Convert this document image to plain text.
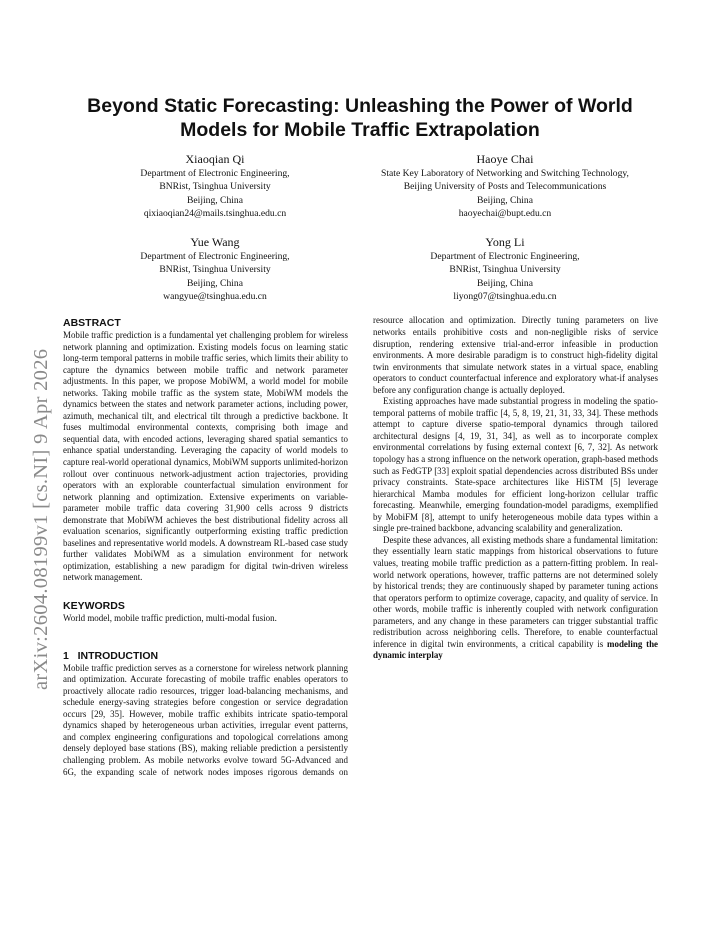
arXiv:2604.08199v1 [cs.NI] 9 Apr 2026
Beyond Static Forecasting: Unleashing the Power of World Models for Mobile Traffic Extrapolation
Xiaoqian Qi
Department of Electronic Engineering,
BNRist, Tsinghua University
Beijing, China
qixiaoqian24@mails.tsinghua.edu.cn
Haoye Chai
State Key Laboratory of Networking and Switching Technology,
Beijing University of Posts and Telecommunications
Beijing, China
haoyechai@bupt.edu.cn
Yue Wang
Department of Electronic Engineering,
BNRist, Tsinghua University
Beijing, China
wangyue@tsinghua.edu.cn
Yong Li
Department of Electronic Engineering,
BNRist, Tsinghua University
Beijing, China
liyong07@tsinghua.edu.cn
ABSTRACT

Mobile traffic prediction is a fundamental yet challenging problem for wireless network planning and optimization. Existing models focus on learning static long-term temporal patterns in mobile traffic series, which limits their ability to capture the dynamics between mobile traffic and network parameter adjustments. In this paper, we propose MobiWM, a world model for mobile networks. Taking mobile traffic as the system state, MobiWM models the dynamics between the states and network parameter actions, including power, azimuth, mechanical tilt, and electrical tilt through a predictive backbone. It fuses multimodal environmental contexts, comprising both image and sequential data, with encoded actions, leveraging shared spatial semantics to enhance spatial understanding. Leveraging the capacity of world models to capture real-world operational dynamics, MobiWM supports unlimited-horizon rollout over continuous network-adjustment action trajectories, providing operators with an explorable counterfactual simulation environment for network planning and optimization. Extensive experiments on variable-parameter mobile traffic data covering 31,900 cells across 9 districts demonstrate that MobiWM achieves the best distributional fidelity across all evaluation scenarios, significantly outperforming existing traffic prediction baselines and representative world models. A downstream RL-based case study further validates MobiWM as a simulation environment for network optimization, establishing a new paradigm for digital twin-driven wireless network management.

KEYWORDS

World model, mobile traffic prediction, multi-modal fusion.

1   INTRODUCTION

Mobile traffic prediction serves as a cornerstone for wireless network planning and optimization. Accurate forecasting of mobile traffic enables operators to proactively allocate radio resources, trigger load-balancing mechanisms, and schedule energy-saving strategies before congestion or service degradation occurs [29, 35]. However, mobile traffic exhibits intricate spatio-temporal dynamics shaped by heterogeneous urban activities, irregular event patterns, and complex engineering configurations and topological correlations among densely deployed base stations (BS), making reliable prediction a persistently challenging problem. As mobile networks evolve toward 5G-Advanced and 6G, the expanding scale of network nodes imposes rigorous demands on

resource allocation and optimization. Directly tuning parameters on live networks entails prohibitive costs and non-negligible risks of service disruption, rendering extensive trial-and-error infeasible in production environments. A more desirable paradigm is to construct high-fidelity digital twin environments that simulate network states in a virtual space, enabling operators to conduct counterfactual inference and exploratory what-if analyses before any configuration change is actually deployed.

Existing approaches have made substantial progress in modeling the spatio-temporal patterns of mobile traffic [4, 5, 8, 19, 21, 31, 33, 34]. These methods attempt to capture diverse spatio-temporal dynamics through tailored architectural designs [4, 19, 31, 34], as well as to incorporate complex environmental correlations by fusing external context [6, 7, 32]. As network topology has a strong influence on the network operation, graph-based methods such as FedGTP [33] exploit spatial dependencies across distributed BSs under privacy constraints. State-space architectures like HiSTM [5] leverage hierarchical Mamba modules for efficient long-horizon cellular traffic forecasting. Meanwhile, emerging foundation-model paradigms, exemplified by MobiFM [8], attempt to unify heterogeneous mobile data types within a single pre-trained backbone, advancing scalability and generalization.

Despite these advances, all existing methods share a fundamental limitation: they essentially learn static mappings from historical observations to future values, treating mobile traffic prediction as a pattern-fitting problem. In real-world network operations, however, traffic patterns are not determined solely by historical trends; they are continuously shaped by parameter tuning actions that operators perform to optimize coverage, capacity, and quality of service. In other words, mobile traffic is inherently coupled with network configuration parameters, and any change in these parameters can trigger substantial traffic redistribution across neighboring cells. Therefore, to enable counterfactual inference in digital twin environments, a critical capability is modeling the dynamic interplay
